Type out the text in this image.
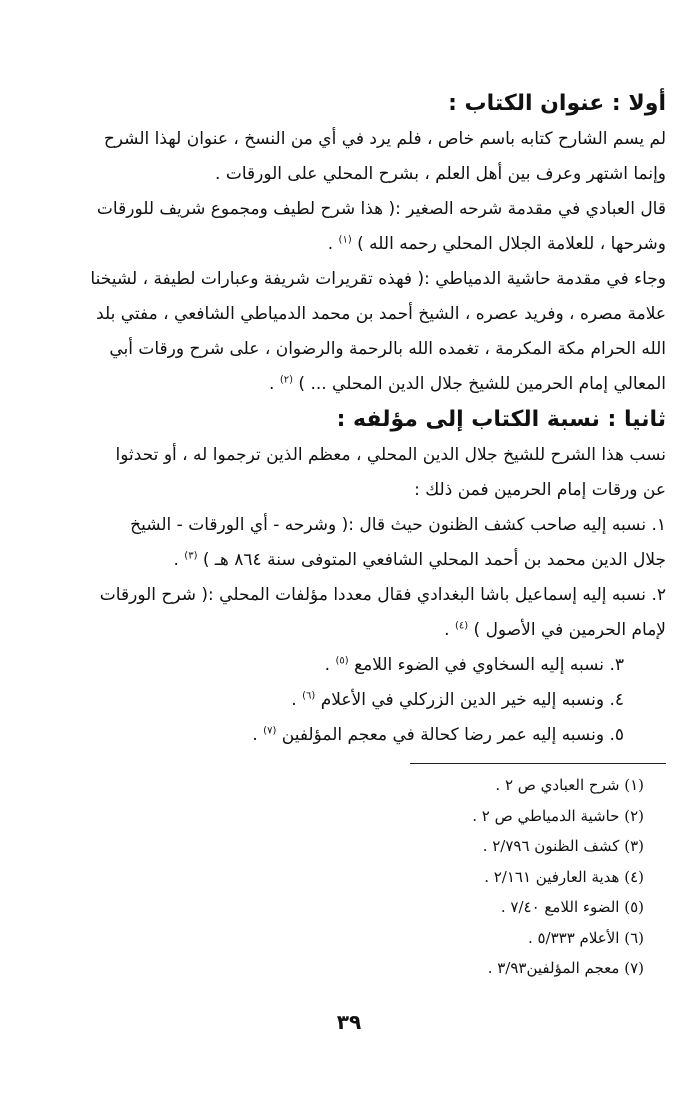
أولا : عنوان الكتاب :

لم يسم الشارح كتابه باسم خاص ، فلم يرد في أي من النسخ ، عنوان لهذا الشرح
وإنما اشتهر وعرف بين أهل العلم ، بشرح المحلي على الورقات .

قال العبادي في مقدمة شرحه الصغير :( هذا شرح لطيف ومجموع شريف للورقات
وشرحها ، للعلامة الجلال المحلي رحمه الله ) $^{(١)}$ .

وجاء في مقدمة حاشية الدمياطي :( فهذه تقريرات شريفة وعبارات لطيفة ، لشيخنا
علامة مصره ، وفريد عصره ، الشيخ أحمد بن محمد الدمياطي الشافعي ، مفتي بلد
الله الحرام مكة المكرمة ، تغمده الله بالرحمة والرضوان ، على شرح ورقات أبي
المعالي إمام الحرمين للشيخ جلال الدين المحلي ... ) $^{(٢)}$ .

ثانيا : نسبة الكتاب إلى مؤلفه :

نسب هذا الشرح للشيخ جلال الدين المحلي ، معظم الذين ترجموا له ، أو تحدثوا
عن ورقات إمام الحرمين فمن ذلك :

١. نسبه إليه صاحب كشف الظنون حيث قال :( وشرحه - أي الورقات - الشيخ
جلال الدين محمد بن أحمد المحلي الشافعي المتوفى سنة ٨٦٤ هـ ) $^{(٣)}$ .

٢. نسبه إليه إسماعيل باشا البغدادي فقال معددا مؤلفات المحلي :( شرح الورقات
لإمام الحرمين في الأصول ) $^{(٤)}$ .

٣. نسبه إليه السخاوي في الضوء اللامع $^{(٥)}$ .

٤. ونسبه إليه خير الدين الزركلي في الأعلام $^{(٦)}$ .

٥. ونسبه إليه عمر رضا كحالة في معجم المؤلفين $^{(٧)}$ .

(١) شرح العبادي ص ٢ .
(٢) حاشية الدمياطي ص ٢ .
(٣) كشف الظنون ٢/٧٩٦ .
(٤) هدية العارفين ٢/١٦١ .
(٥) الضوء اللامع ٧/٤٠ .
(٦) الأعلام ٥/٣٣٣ .
(٧) معجم المؤلفين٣/٩٣ .
٣٩
